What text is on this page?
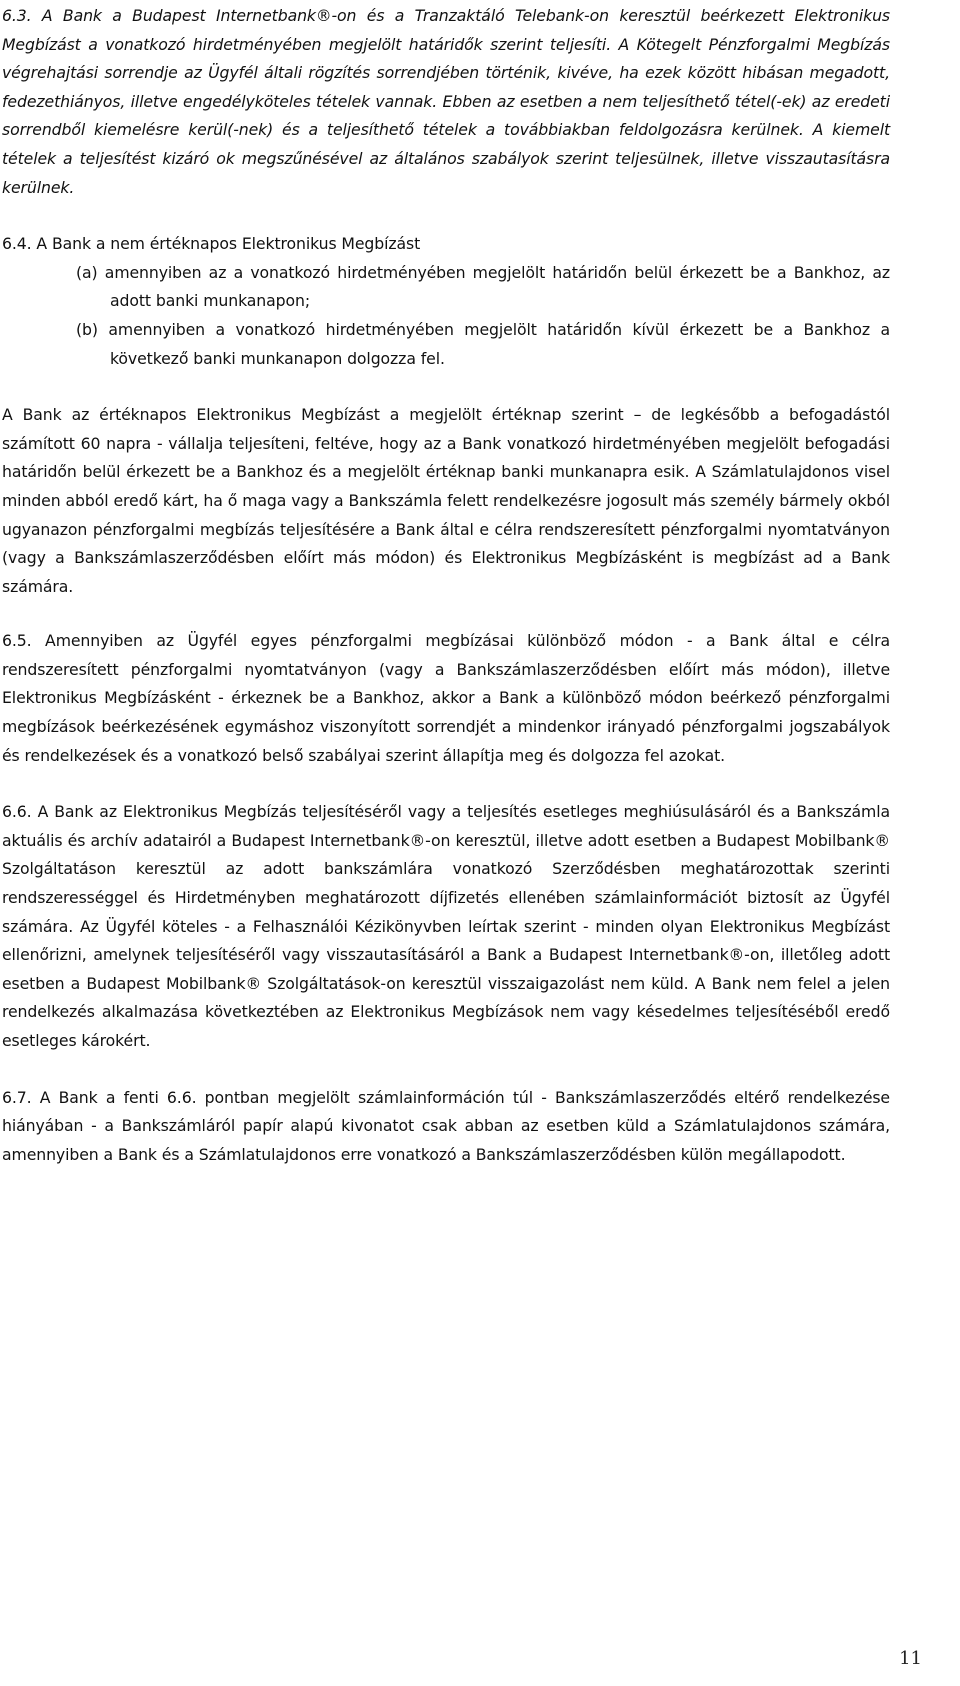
6.3. A Bank a Budapest Internetbank®-on és a Tranzaktáló Telebank-on keresztül beérkezett Elektronikus Megbízást a vonatkozó hirdetményében megjelölt határidők szerint teljesíti. A Kötegelt Pénzforgalmi Megbízás végrehajtási sorrendje az Ügyfél általi rögzítés sorrendjében történik, kivéve, ha ezek között hibásan megadott, fedezethiányos, illetve engedélyköteles tételek vannak. Ebben az esetben a nem teljesíthető tétel(-ek) az eredeti sorrendből kiemelésre kerül(-nek) és a teljesíthető tételek a továbbiakban feldolgozásra kerülnek. A kiemelt tételek a teljesítést kizáró ok megszűnésével az általános szabályok szerint teljesülnek, illetve visszautasításra kerülnek.

6.4. A Bank a nem értéknapos Elektronikus Megbízást

(a) amennyiben az a vonatkozó hirdetményében megjelölt határidőn belül érkezett be a Bankhoz, az adott banki munkanapon;

(b) amennyiben a vonatkozó hirdetményében megjelölt határidőn kívül érkezett be a Bankhoz a következő banki munkanapon dolgozza fel.

A Bank az értéknapos Elektronikus Megbízást a megjelölt értéknap szerint – de legkésőbb a befogadástól számított 60 napra - vállalja teljesíteni, feltéve, hogy az a Bank vonatkozó hirdetményében megjelölt befogadási határidőn belül érkezett be a Bankhoz és a megjelölt értéknap banki munkanapra esik. A Számlatulajdonos visel minden abból eredő kárt, ha ő maga vagy a Bankszámla felett rendelkezésre jogosult más személy bármely okból ugyanazon pénzforgalmi megbízás teljesítésére a Bank által e célra rendszeresített pénzforgalmi nyomtatványon (vagy a Bankszámlaszerződésben előírt más módon) és Elektronikus Megbízásként is megbízást ad a Bank számára.

6.5. Amennyiben az Ügyfél egyes pénzforgalmi megbízásai különböző módon - a Bank által e célra rendszeresített pénzforgalmi nyomtatványon (vagy a Bankszámlaszerződésben előírt más módon), illetve Elektronikus Megbízásként - érkeznek be a Bankhoz, akkor a Bank a különböző módon beérkező pénzforgalmi megbízások beérkezésének egymáshoz viszonyított sorrendjét a mindenkor irányadó pénzforgalmi jogszabályok és rendelkezések és a vonatkozó belső szabályai szerint állapítja meg és dolgozza fel azokat.

6.6. A Bank az Elektronikus Megbízás teljesítéséről vagy a teljesítés esetleges meghiúsulásáról és a Bankszámla aktuális és archív adatairól a Budapest Internetbank®-on keresztül, illetve adott esetben a Budapest Mobilbank® Szolgáltatáson keresztül az adott bankszámlára vonatkozó Szerződésben meghatározottak szerinti rendszerességgel és Hirdetményben meghatározott díjfizetés ellenében számlainformációt biztosít az Ügyfél számára. Az Ügyfél köteles - a Felhasználói Kézikönyvben leírtak szerint - minden olyan Elektronikus Megbízást ellenőrizni, amelynek teljesítéséről vagy visszautasításáról a Bank a Budapest Internetbank®-on, illetőleg adott esetben a Budapest Mobilbank® Szolgáltatások-on keresztül visszaigazolást nem küld. A Bank nem felel a jelen rendelkezés alkalmazása következtében az Elektronikus Megbízások nem vagy késedelmes teljesítéséből eredő esetleges károkért.

6.7. A Bank a fenti 6.6. pontban megjelölt számlainformáción túl - Bankszámlaszerződés eltérő rendelkezése hiányában - a Bankszámláról papír alapú kivonatot csak abban az esetben küld a Számlatulajdonos számára, amennyiben a Bank és a Számlatulajdonos erre vonatkozó a Bankszámlaszerződésben külön megállapodott.

11
